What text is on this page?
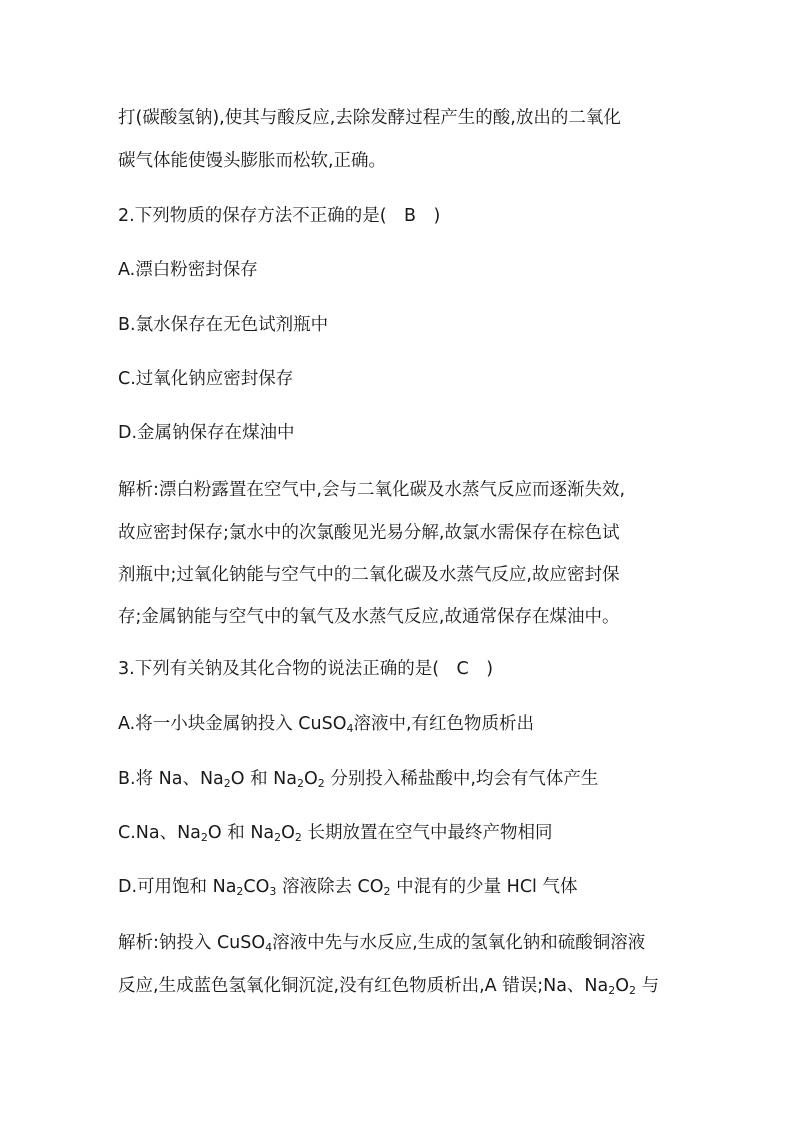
打(碳酸氢钠),使其与酸反应,去除发酵过程产生的酸,放出的二氧化

碳气体能使馒头膨胀而松软,正确。

2.下列物质的保存方法不正确的是(　B　)

A.漂白粉密封保存

B.氯水保存在无色试剂瓶中

C.过氧化钠应密封保存

D.金属钠保存在煤油中

解析:漂白粉露置在空气中,会与二氧化碳及水蒸气反应而逐渐失效,

故应密封保存;氯水中的次氯酸见光易分解,故氯水需保存在棕色试

剂瓶中;过氧化钠能与空气中的二氧化碳及水蒸气反应,故应密封保

存;金属钠能与空气中的氧气及水蒸气反应,故通常保存在煤油中。

3.下列有关钠及其化合物的说法正确的是(　C　)

A.将一小块金属钠投入 CuSO$_4$溶液中,有红色物质析出

B.将 Na、$Na_2O$ 和 $Na_2O_2$ 分别投入稀盐酸中,均会有气体产生

C.Na、$Na_2O$ 和 $Na_2O_2$ 长期放置在空气中最终产物相同

D.可用饱和 $Na_2CO_3$ 溶液除去 $CO_2$ 中混有的少量 HCl 气体

解析:钠投入 CuSO$_4$溶液中先与水反应,生成的氢氧化钠和硫酸铜溶液

反应,生成蓝色氢氧化铜沉淀,没有红色物质析出,A 错误;Na、$Na_2O_2$ 与
